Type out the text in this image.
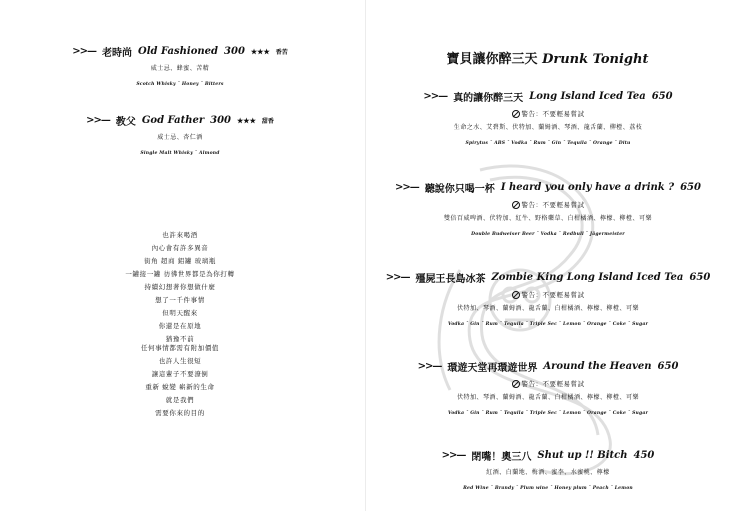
>>— 老時尚 Old Fashioned 300 ★★★ 香苦
威士忌、蜂蜜、苦精
Scotch Whisky ˇ Honey ˇ Bitters
>>— 教父 God Father 300 ★★★ 甜香
威士忌、杏仁酒
Single Malt Whisky ˇ Almond
也許來喝酒
內心會有許多異音
街角 超商 鋁罐 玻璃瓶
一罐接一罐 彷彿世界都是為你打轉
持續幻想著你想做什麼
想了一千件事情
但明天醒來
你還是在原地
猶豫不前
任何事情都需有附加價值
也許人生很短
讓這輩子不要潦倒
重新 蛻變 嶄新的生命
就是我們
需要你來的目的
寶貝讓你醉三天 Drunk Tonight
>>— 真的讓你醉三天 Long Island Iced Tea 650
警告：不要輕易嘗試
生命之水、艾碧斯、伏特加、蘭姆酒、琴酒、龍舌蘭、柳橙、荔枝
Spirytus ˇ ABS ˇ Vodka ˇ Rum ˇ Gin ˇ Tequila ˇ Orange ˇ Ditu
>>— 聽說你只喝一杯 I heard you only have a drink ? 650
警告：不要輕易嘗試
雙倍百威啤酒、伏特加、紅牛、野格藥草、白柑橘酒、檸檬、柳橙、可樂
Double Budweiser Beer ˇ Vodka ˇ Redbull ˇ Jägermeister
>>— 殭屍王長島冰茶 Zombie King Long Island Iced Tea 650
警告：不要輕易嘗試
伏特加、琴酒、蘭姆酒、龍舌蘭、白柑橘酒、檸檬、柳橙、可樂
Vodka ˇ Gin ˇ Rum ˇ Tequila ˇ Triple Sec ˇ Lemon ˇ Orange ˇ Coke ˇ Sugar
>>— 環遊天堂再環遊世界 Around the Heaven 650
警告：不要輕易嘗試
伏特加、琴酒、蘭姆酒、龍舌蘭、白柑橘酒、檸檬、柳橙、可樂
Vodka ˇ Gin ˇ Rum ˇ Tequila ˇ Triple Sec ˇ Lemon ˇ Orange ˇ Coke ˇ Sugar
>>— 閉嘴！奧三八 Shut up !! Bitch 450
紅酒、白蘭地、梅酒、蜜李、水蜜桃、檸檬
Red Wine ˇ Brandy ˇ Plum wine ˇ Honey plum ˇ Peach ˇ Lemon
